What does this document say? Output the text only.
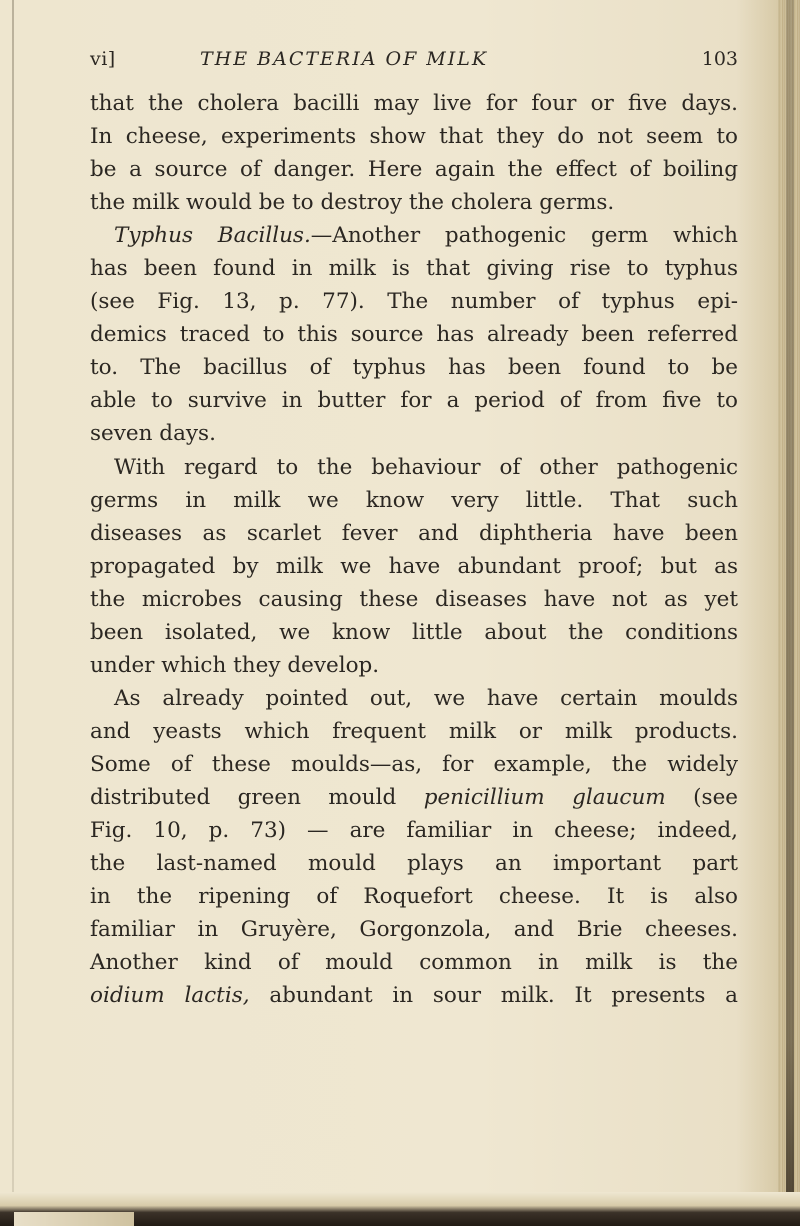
vi]	THE BACTERIA OF MILK	103
that the cholera bacilli may live for four or five days.
In cheese, experiments show that they do not seem to
be a source of danger. Here again the effect of boiling
the milk would be to destroy the cholera germs.
Typhus Bacillus.—Another pathogenic germ which
has been found in milk is that giving rise to typhus
(see Fig. 13, p. 77). The number of typhus epi-
demics traced to this source has already been referred
to. The bacillus of typhus has been found to be
able to survive in butter for a period of from five to
seven days.
With regard to the behaviour of other pathogenic
germs in milk we know very little. That such
diseases as scarlet fever and diphtheria have been
propagated by milk we have abundant proof; but as
the microbes causing these diseases have not as yet
been isolated, we know little about the conditions
under which they develop.
As already pointed out, we have certain moulds
and yeasts which frequent milk or milk products.
Some of these moulds—as, for example, the widely
distributed green mould penicillium glaucum (see
Fig. 10, p. 73) — are familiar in cheese; indeed,
the last-named mould plays an important part
in the ripening of Roquefort cheese. It is also
familiar in Gruyère, Gorgonzola, and Brie cheeses.
Another kind of mould common in milk is the
oidium lactis, abundant in sour milk. It presents a
